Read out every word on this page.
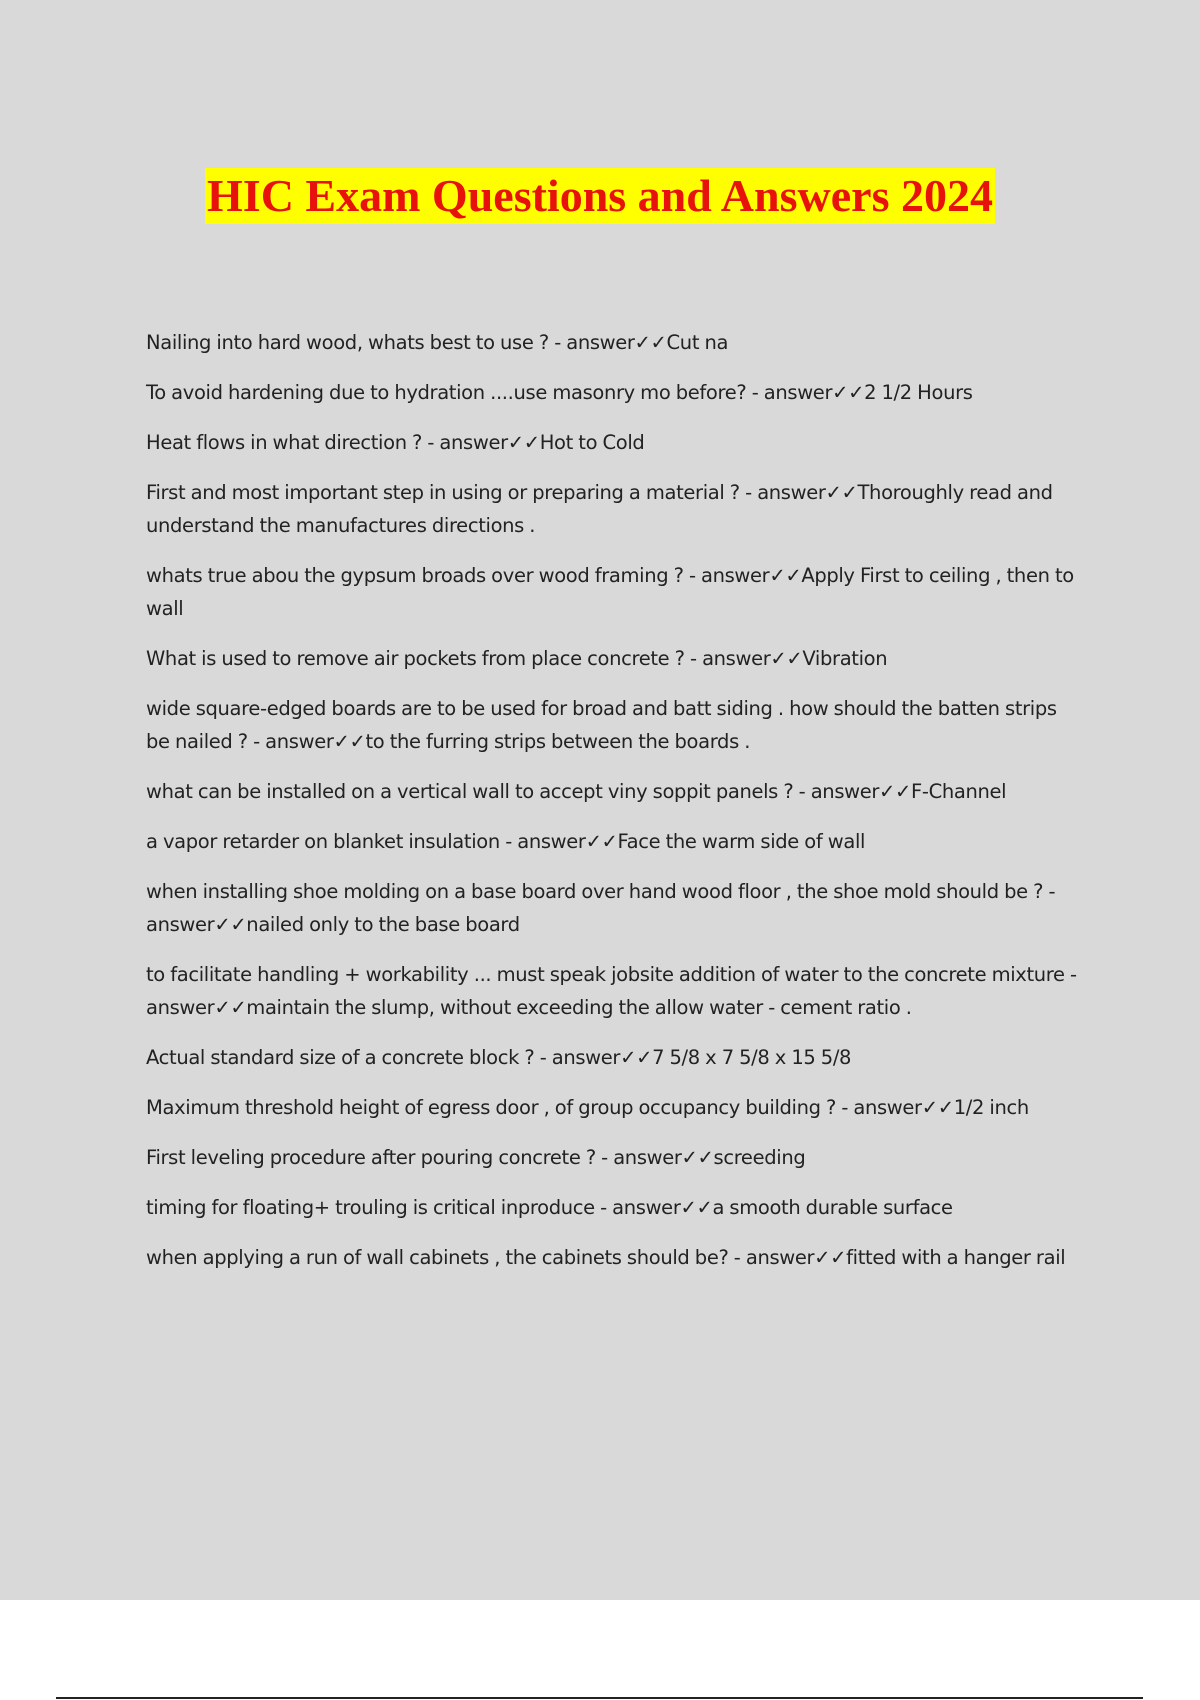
HIC Exam Questions and Answers 2024
Nailing into hard wood, whats best to use ? - answer✓✓Cut na
To avoid hardening due to hydration ....use masonry mo before? - answer✓✓2 1/2 Hours
Heat flows in what direction ? - answer✓✓Hot to Cold
First and most important step in using or preparing a material ? - answer✓✓Thoroughly read and understand the manufactures directions .
whats true abou the gypsum broads over wood framing ? - answer✓✓Apply First to ceiling , then to wall
What is used to remove air pockets from place concrete ? - answer✓✓Vibration
wide square-edged boards are to be used for broad and batt siding . how should the batten strips be nailed ? - answer✓✓to the furring strips between the boards .
what can be installed on a vertical wall to accept viny soppit panels ? - answer✓✓F-Channel
a vapor retarder on blanket insulation - answer✓✓Face the warm side of wall
when installing shoe molding on a base board over hand wood floor , the shoe mold should be ? - answer✓✓nailed only to the base board
to facilitate handling + workability ... must speak jobsite addition of water to the concrete mixture - answer✓✓maintain the slump, without exceeding the allow water - cement ratio .
Actual standard size of a concrete block ? - answer✓✓7 5/8 x 7 5/8 x 15 5/8
Maximum threshold height of egress door , of group occupancy building ? - answer✓✓1/2 inch
First leveling procedure after pouring concrete ? - answer✓✓screeding
timing for floating+ trouling is critical inproduce - answer✓✓a smooth durable surface
when applying a run of wall cabinets , the cabinets should be? - answer✓✓fitted with a hanger rail
